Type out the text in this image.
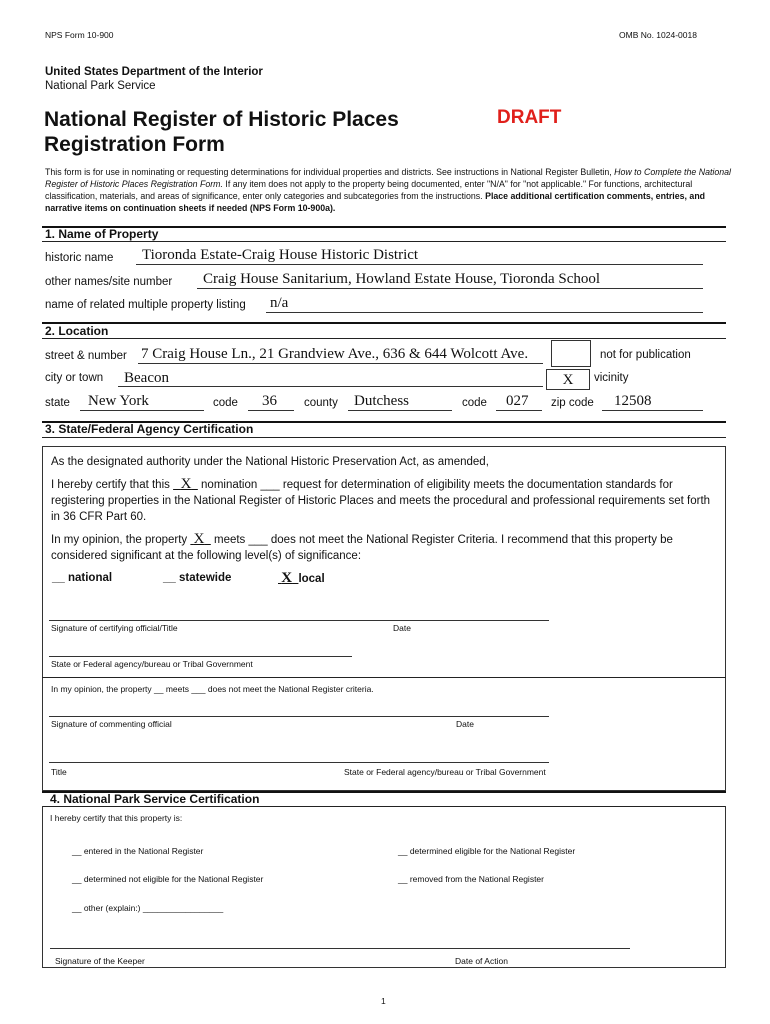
NPS Form 10-900	OMB No. 1024-0018
United States Department of the Interior
National Park Service
National Register of Historic Places
Registration Form
DRAFT
This form is for use in nominating or requesting determinations for individual properties and districts. See instructions in National Register Bulletin, How to Complete the National Register of Historic Places Registration Form. If any item does not apply to the property being documented, enter "N/A" for "not applicable." For functions, architectural classification, materials, and areas of significance, enter only categories and subcategories from the instructions. Place additional certification comments, entries, and narrative items on continuation sheets if needed (NPS Form 10-900a).
1. Name of Property
historic name Tioronda Estate-Craig House Historic District
other names/site number Craig House Sanitarium, Howland Estate House, Tioronda School
name of related multiple property listing n/a
2. Location
street & number 7 Craig House Ln., 21 Grandview Ave., 636 & 644 Wolcott Ave.	not for publication
city or town Beacon	X	vicinity
state New York	code 36 county Dutchess	code 027 zip code 12508
3. State/Federal Agency Certification
As the designated authority under the National Historic Preservation Act, as amended,
I hereby certify that this   X   nomination ___ request for determination of eligibility meets the documentation standards for registering properties in the National Register of Historic Places and meets the procedural and professional requirements set forth in 36 CFR Part 60.
In my opinion, the property  X   meets ___ does not meet the National Register Criteria. I recommend that this property be considered significant at the following level(s) of significance:
__ national	__ statewide	X local
Signature of certifying official/Title	Date
State or Federal agency/bureau or Tribal Government
In my opinion, the property __ meets ___ does not meet the National Register criteria.
Signature of commenting official	Date
Title	State or Federal agency/bureau or Tribal Government
4. National Park Service Certification
I hereby certify that this property is:
__ entered in the National Register	__ determined eligible for the National Register
__ determined not eligible for the National Register	__ removed from the National Register
__ other (explain:) _________________
Signature of the Keeper	Date of Action
1
